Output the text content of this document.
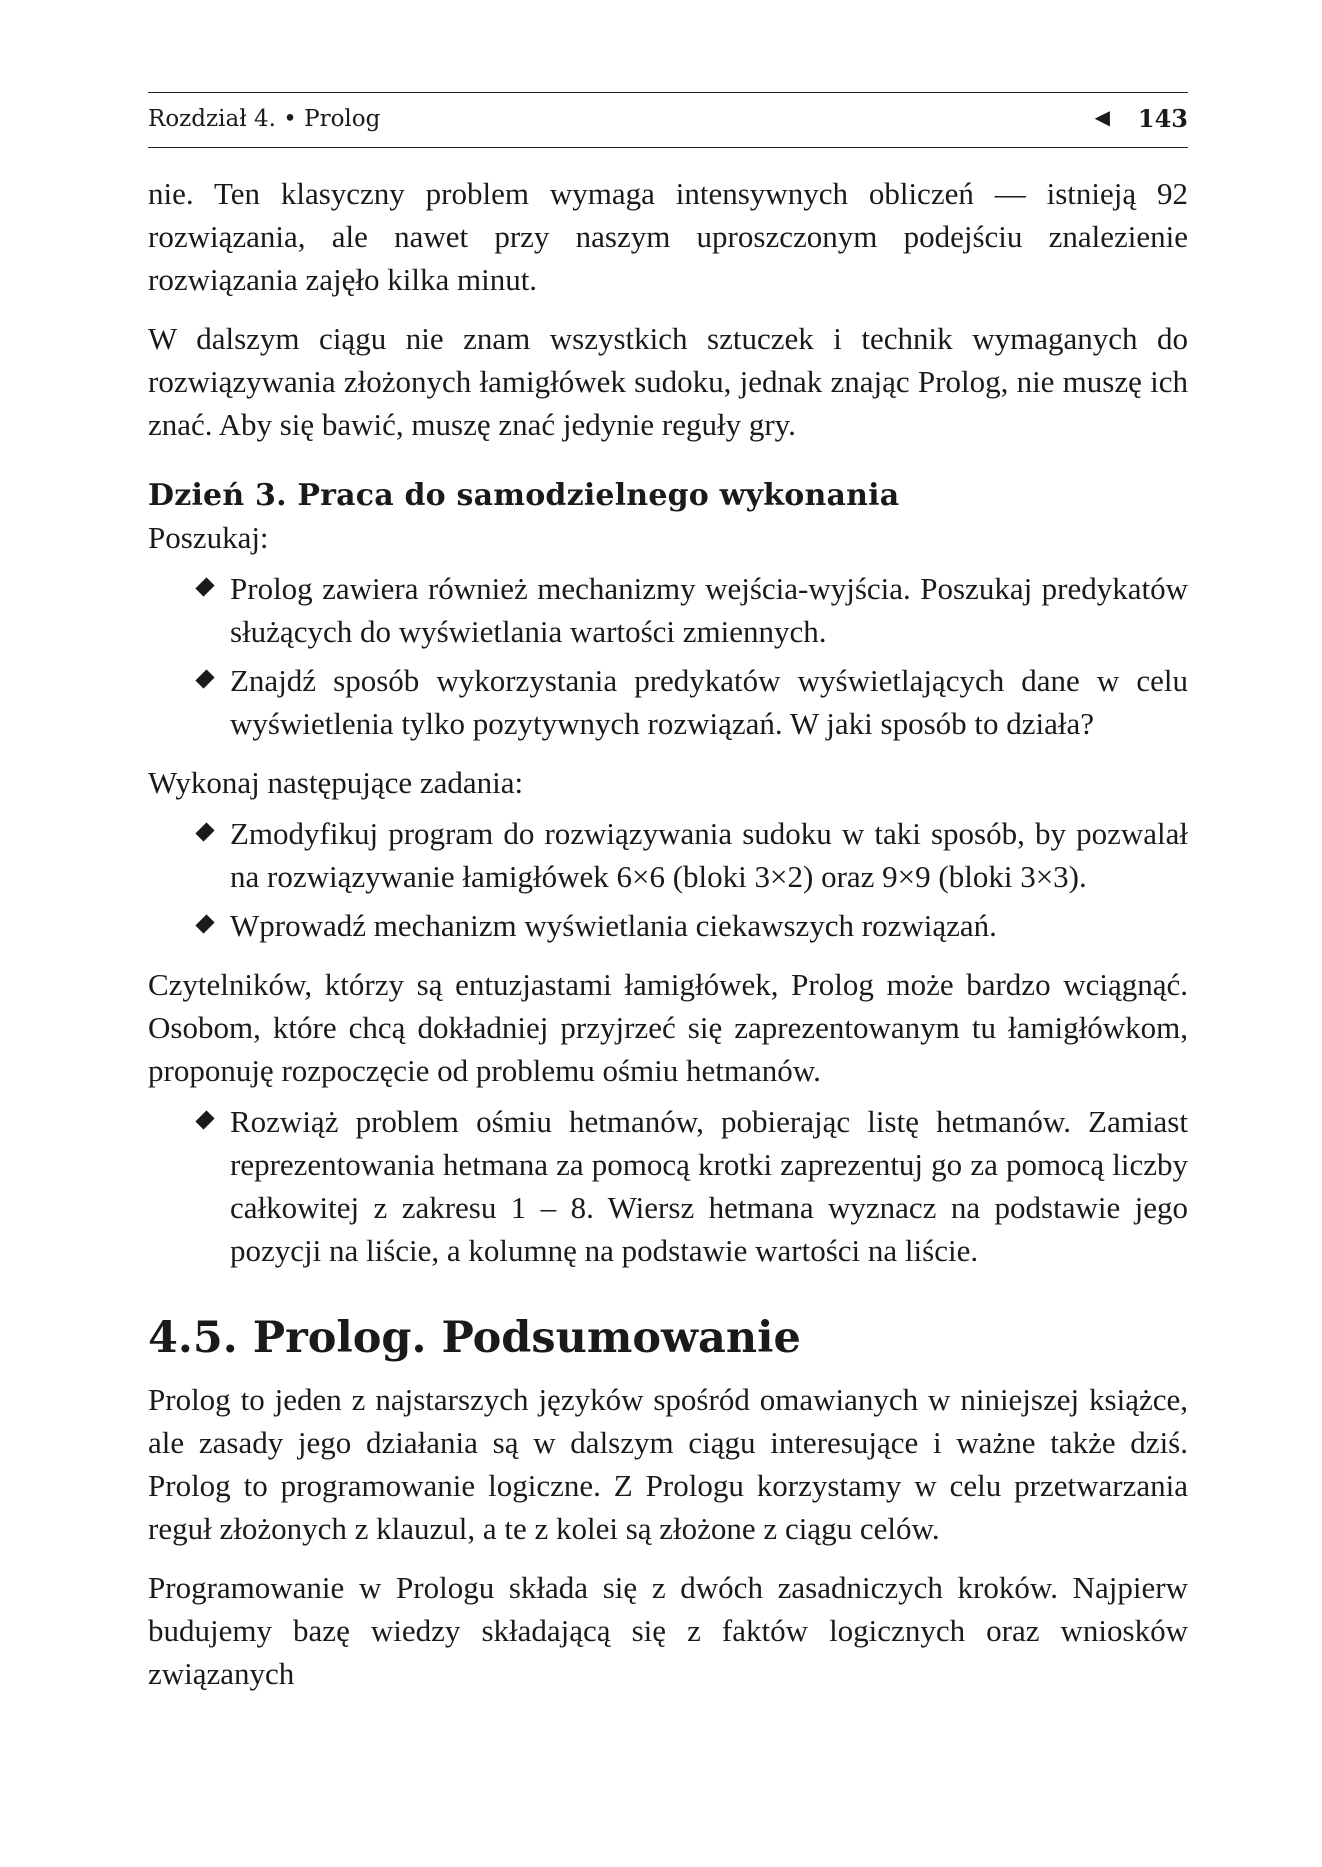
Rozdział 4. • Prolog	◀ 143

nie. Ten klasyczny problem wymaga intensywnych obliczeń — istnieją 92 rozwiązania, ale nawet przy naszym uproszczonym podejściu znalezienie rozwiązania zajęło kilka minut.

W dalszym ciągu nie znam wszystkich sztuczek i technik wymaganych do rozwiązywania złożonych łamigłówek sudoku, jednak znając Prolog, nie muszę ich znać. Aby się bawić, muszę znać jedynie reguły gry.

Dzień 3. Praca do samodzielnego wykonania

Poszukaj:

Prolog zawiera również mechanizmy wejścia-wyjścia. Poszukaj predykatów służących do wyświetlania wartości zmiennych.
Znajdź sposób wykorzystania predykatów wyświetlających dane w celu wyświetlenia tylko pozytywnych rozwiązań. W jaki sposób to działa?

Wykonaj następujące zadania:

Zmodyfikuj program do rozwiązywania sudoku w taki sposób, by pozwalał na rozwiązywanie łamigłówek 6×6 (bloki 3×2) oraz 9×9 (bloki 3×3).
Wprowadź mechanizm wyświetlania ciekawszych rozwiązań.

Czytelników, którzy są entuzjastami łamigłówek, Prolog może bardzo wciągnąć. Osobom, które chcą dokładniej przyjrzeć się zaprezentowanym tu łamigłówkom, proponuję rozpoczęcie od problemu ośmiu hetmanów.

Rozwiąż problem ośmiu hetmanów, pobierając listę hetmanów. Zamiast reprezentowania hetmana za pomocą krotki zaprezentuj go za pomocą liczby całkowitej z zakresu 1 – 8. Wiersz hetmana wyznacz na podstawie jego pozycji na liście, a kolumnę na podstawie wartości na liście.
4.5. Prolog. Podsumowanie

Prolog to jeden z najstarszych języków spośród omawianych w niniejszej książce, ale zasady jego działania są w dalszym ciągu interesujące i ważne także dziś. Prolog to programowanie logiczne. Z Prologu korzystamy w celu przetwarzania reguł złożonych z klauzul, a te z kolei są złożone z ciągu celów.

Programowanie w Prologu składa się z dwóch zasadniczych kroków. Najpierw budujemy bazę wiedzy składającą się z faktów logicznych oraz wniosków związanych
